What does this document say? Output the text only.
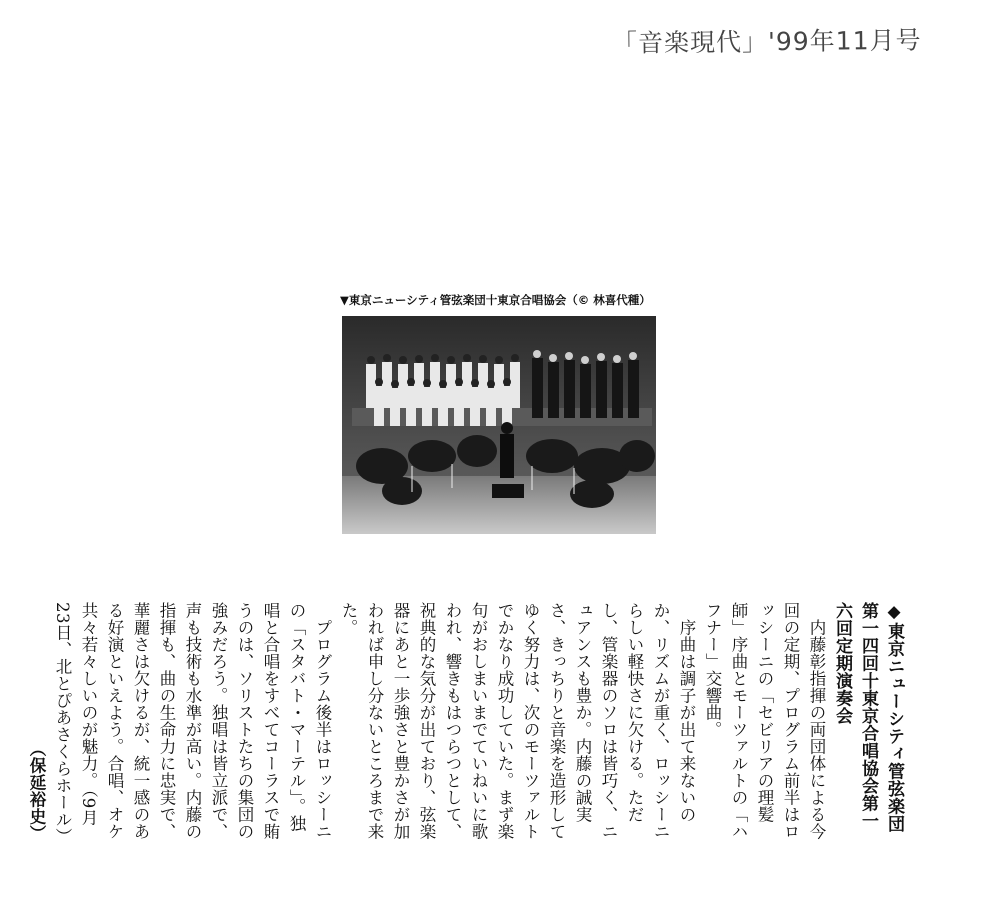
「音楽現代」'99年11月号
▼東京ニューシティ管弦楽団十東京合唱協会（© 林喜代種）
◆東京ニューシティ管弦楽団第一四回十東京合唱協会第一六回定期演奏会

内藤彰指揮の両団体による今回の定期、プログラム前半はロッシーニの「セビリアの理髪師」序曲とモーツァルトの「ハフナー」交響曲。

序曲は調子が出て来ないのか、リズムが重く、ロッシーニらしい軽快さに欠ける。ただし、管楽器のソロは皆巧く、ニュアンスも豊か。内藤の誠実さ、きっちりと音楽を造形してゆく努力は、次のモーツァルトでかなり成功していた。まず楽句がおしまいまでていねいに歌われ、響きもはつらつとして、祝典的な気分が出ており、弦楽器にあと一歩強さと豊かさが加われば申し分ないところまで来た。

プログラム後半はロッシーニの「スタバト・マーテル」。独唱と合唱をすべてコーラスで賄うのは、ソリストたちの集団の強みだろう。独唱は皆立派で、声も技術も水準が高い。内藤の指揮も、曲の生命力に忠実で、華麗さは欠けるが、統一感のある好演といえよう。合唱、オケ共々若々しいのが魅力。（9月23日、北とぴあさくらホール）

（保延裕史）
